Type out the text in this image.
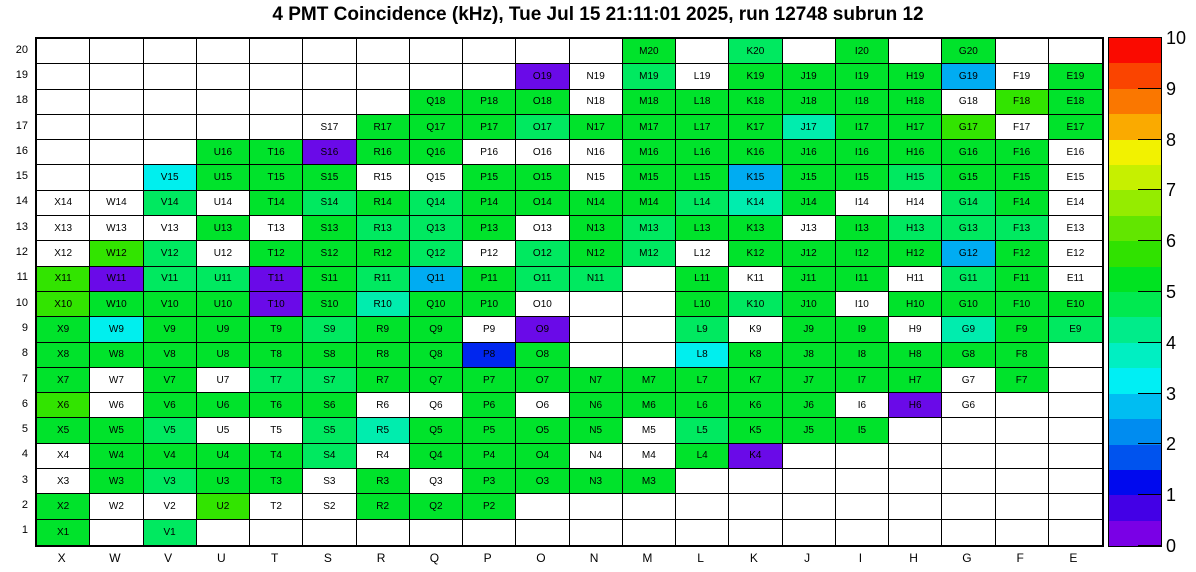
4 PMT Coincidence (kHz), Tue Jul 15 21:11:01 2025, run 12748 subrun 12
M20	K20	I20	G20
O19	N19	M19	L19	K19	J19	I19	H19	G19	F19	E19
Q18	P18	O18	N18	M18	L18	K18	J18	I18	H18	G18	F18	E18
S17	R17	Q17	P17	O17	N17	M17	L17	K17	J17	I17	H17	G17	F17	E17
U16	T16	S16	R16	Q16	P16	O16	N16	M16	L16	K16	J16	I16	H16	G16	F16	E16
V15	U15	T15	S15	R15	Q15	P15	O15	N15	M15	L15	K15	J15	I15	H15	G15	F15	E15
X14	W14	V14	U14	T14	S14	R14	Q14	P14	O14	N14	M14	L14	K14	J14	I14	H14	G14	F14	E14
X13	W13	V13	U13	T13	S13	R13	Q13	P13	O13	N13	M13	L13	K13	J13	I13	H13	G13	F13	E13
X12	W12	V12	U12	T12	S12	R12	Q12	P12	O12	N12	M12	L12	K12	J12	I12	H12	G12	F12	E12
X11	W11	V11	U11	T11	S11	R11	Q11	P11	O11	N11	L11	K11	J11	I11	H11	G11	F11	E11
X10	W10	V10	U10	T10	S10	R10	Q10	P10	O10	L10	K10	J10	I10	H10	G10	F10	E10
X9	W9	V9	U9	T9	S9	R9	Q9	P9	O9	L9	K9	J9	I9	H9	G9	F9	E9
X8	W8	V8	U8	T8	S8	R8	Q8	P8	O8	L8	K8	J8	I8	H8	G8	F8
X7	W7	V7	U7	T7	S7	R7	Q7	P7	O7	N7	M7	L7	K7	J7	I7	H7	G7	F7
X6	W6	V6	U6	T6	S6	R6	Q6	P6	O6	N6	M6	L6	K6	J6	I6	H6	G6
X5	W5	V5	U5	T5	S5	R5	Q5	P5	O5	N5	M5	L5	K5	J5	I5
X4	W4	V4	U4	T4	S4	R4	Q4	P4	O4	N4	M4	L4	K4
X3	W3	V3	U3	T3	S3	R3	Q3	P3	O3	N3	M3
X2	W2	V2	U2	T2	S2	R2	Q2	P2
X1	V1
20
19
18
17
16
15
14
13
12
11
10
9
8
7
6
5
4
3
2
1
X	W	V	U	T	S	R	Q	P	O	N	M	L	K	J	I	H	G	F	E
0
1
2
3
4
5
6
7
8
9
10
